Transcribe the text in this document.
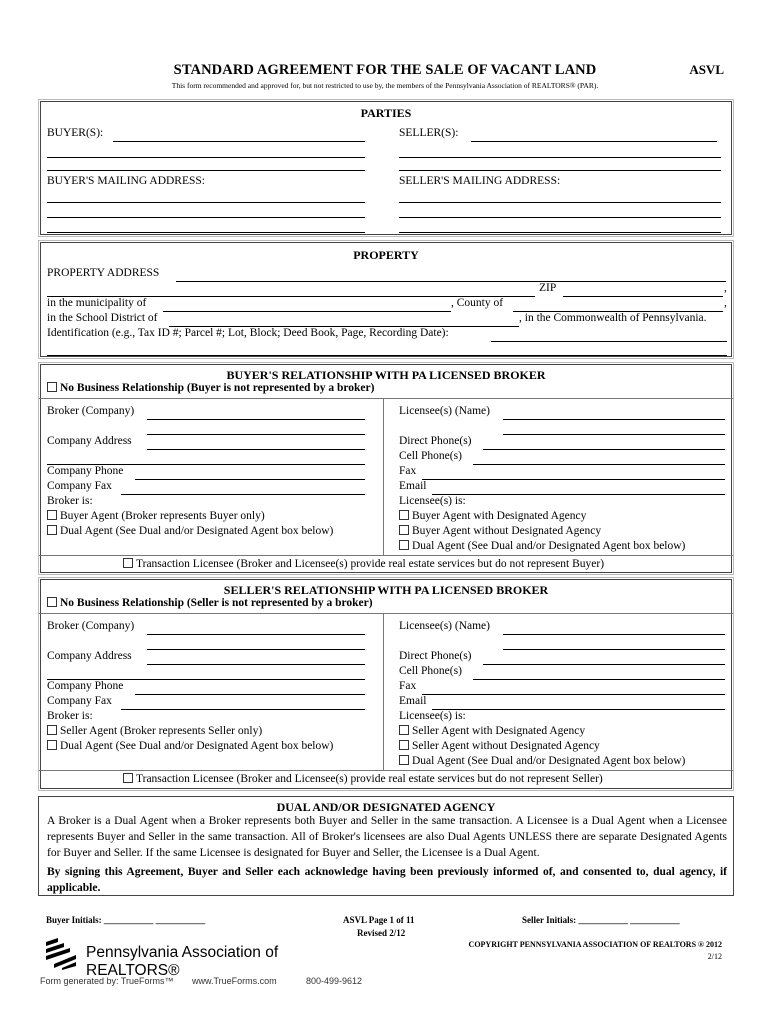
STANDARD AGREEMENT FOR THE SALE OF VACANT LAND	ASVL
This form recommended and approved for, but not restricted to use by, the members of the Pennsylvania Association of REALTORS® (PAR).
PARTIES
BUYER(S):	SELLER(S):
BUYER'S MAILING ADDRESS:	SELLER'S MAILING ADDRESS:
PROPERTY
PROPERTY ADDRESS
ZIP	,
in the municipality of	, County of	,
in the School District of	, in the Commonwealth of Pennsylvania.
Identification (e.g., Tax ID #; Parcel #; Lot, Block; Deed Book, Page, Recording Date):
BUYER'S RELATIONSHIP WITH PA LICENSED BROKER
No Business Relationship (Buyer is not represented by a broker)
Broker (Company)
Company Address
Company Phone
Company Fax
Broker is:
Buyer Agent (Broker represents Buyer only)
Dual Agent (See Dual and/or Designated Agent box below)
Licensee(s) (Name)
Direct Phone(s)
Cell Phone(s)
Fax
Email
Licensee(s) is:
Buyer Agent with Designated Agency
Buyer Agent without Designated Agency
Dual Agent (See Dual and/or Designated Agent box below)
Transaction Licensee (Broker and Licensee(s) provide real estate services but do not represent Buyer)
SELLER'S RELATIONSHIP WITH PA LICENSED BROKER
No Business Relationship (Seller is not represented by a broker)
Broker (Company)
Company Address
Company Phone
Company Fax
Broker is:
Seller Agent (Broker represents Seller only)
Dual Agent (See Dual and/or Designated Agent box below)
Licensee(s) (Name)
Direct Phone(s)
Cell Phone(s)
Fax
Email
Licensee(s) is:
Seller Agent with Designated Agency
Seller Agent without Designated Agency
Dual Agent (See Dual and/or Designated Agent box below)
Transaction Licensee (Broker and Licensee(s) provide real estate services but do not represent Seller)
DUAL AND/OR DESIGNATED AGENCY
A Broker is a Dual Agent when a Broker represents both Buyer and Seller in the same transaction. A Licensee is a Dual Agent when a Licensee represents Buyer and Seller in the same transaction. All of Broker's licensees are also Dual Agents UNLESS there are separate Designated Agents for Buyer and Seller. If the same Licensee is designated for Buyer and Seller, the Licensee is a Dual Agent.
By signing this Agreement, Buyer and Seller each acknowledge having been previously informed of, and consented to, dual agency, if applicable.
Buyer Initials: ___________ ___________	ASVL Page 1 of 11
Revised 2/12
Seller Initials: ___________ ___________
Pennsylvania Association of REALTORS®
COPYRIGHT PENNSYLVANIA ASSOCIATION OF REALTORS ® 2012
2/12
Form generated by: TrueForms™ www.TrueForms.com	800-499-9612
